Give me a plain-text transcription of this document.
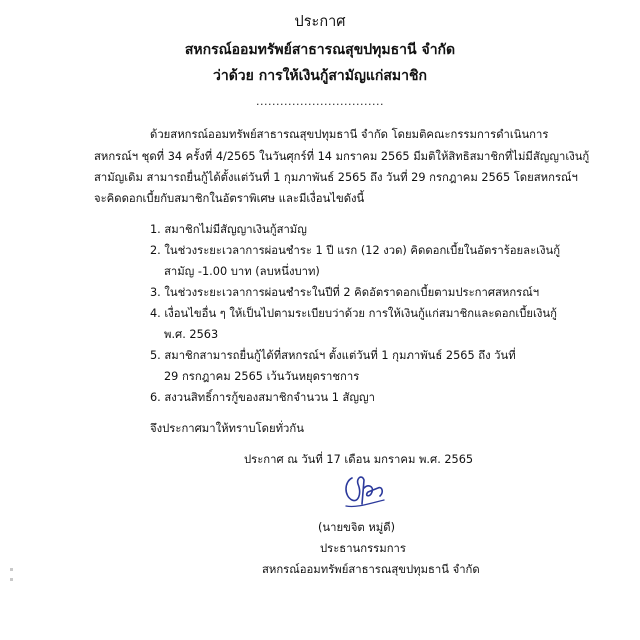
ประกาศ
สหกรณ์ออมทรัพย์สาธารณสุขปทุมธานี จำกัด
ว่าด้วย การให้เงินกู้สามัญแก่สมาชิก
................................
ด้วยสหกรณ์ออมทรัพย์สาธารณสุขปทุมธานี จำกัด โดยมติคณะกรรมการดำเนินการ
สหกรณ์ฯ ชุดที่ 34 ครั้งที่ 4/2565 ในวันศุกร์ที่ 14 มกราคม 2565 มีมติให้สิทธิสมาชิกที่ไม่มีสัญญาเงินกู้
สามัญเดิม สามารถยื่นกู้ได้ตั้งแต่วันที่ 1 กุมภาพันธ์ 2565 ถึง วันที่ 29 กรกฎาคม 2565 โดยสหกรณ์ฯ
จะคิดดอกเบี้ยกับสมาชิกในอัตราพิเศษ และมีเงื่อนไขดังนี้
1. สมาชิกไม่มีสัญญาเงินกู้สามัญ
2. ในช่วงระยะเวลาการผ่อนชำระ 1 ปี แรก (12 งวด) คิดดอกเบี้ยในอัตราร้อยละเงินกู้
สามัญ -1.00 บาท (ลบหนึ่งบาท)
3. ในช่วงระยะเวลาการผ่อนชำระในปีที่ 2 คิดอัตราดอกเบี้ยตามประกาศสหกรณ์ฯ
4. เงื่อนไขอื่น ๆ ให้เป็นไปตามระเบียบว่าด้วย การให้เงินกู้แก่สมาชิกและดอกเบี้ยเงินกู้
พ.ศ. 2563
5. สมาชิกสามารถยื่นกู้ได้ที่สหกรณ์ฯ ตั้งแต่วันที่ 1 กุมภาพันธ์ 2565 ถึง วันที่
29 กรกฎาคม 2565 เว้นวันหยุดราชการ
6. สงวนสิทธิ์การกู้ของสมาชิกจำนวน 1 สัญญา
จึงประกาศมาให้ทราบโดยทั่วกัน
ประกาศ ณ วันที่ 17 เดือน มกราคม พ.ศ. 2565
(นายขจิต หมู่ดี)
ประธานกรรมการ
สหกรณ์ออมทรัพย์สาธารณสุขปทุมธานี จำกัด
